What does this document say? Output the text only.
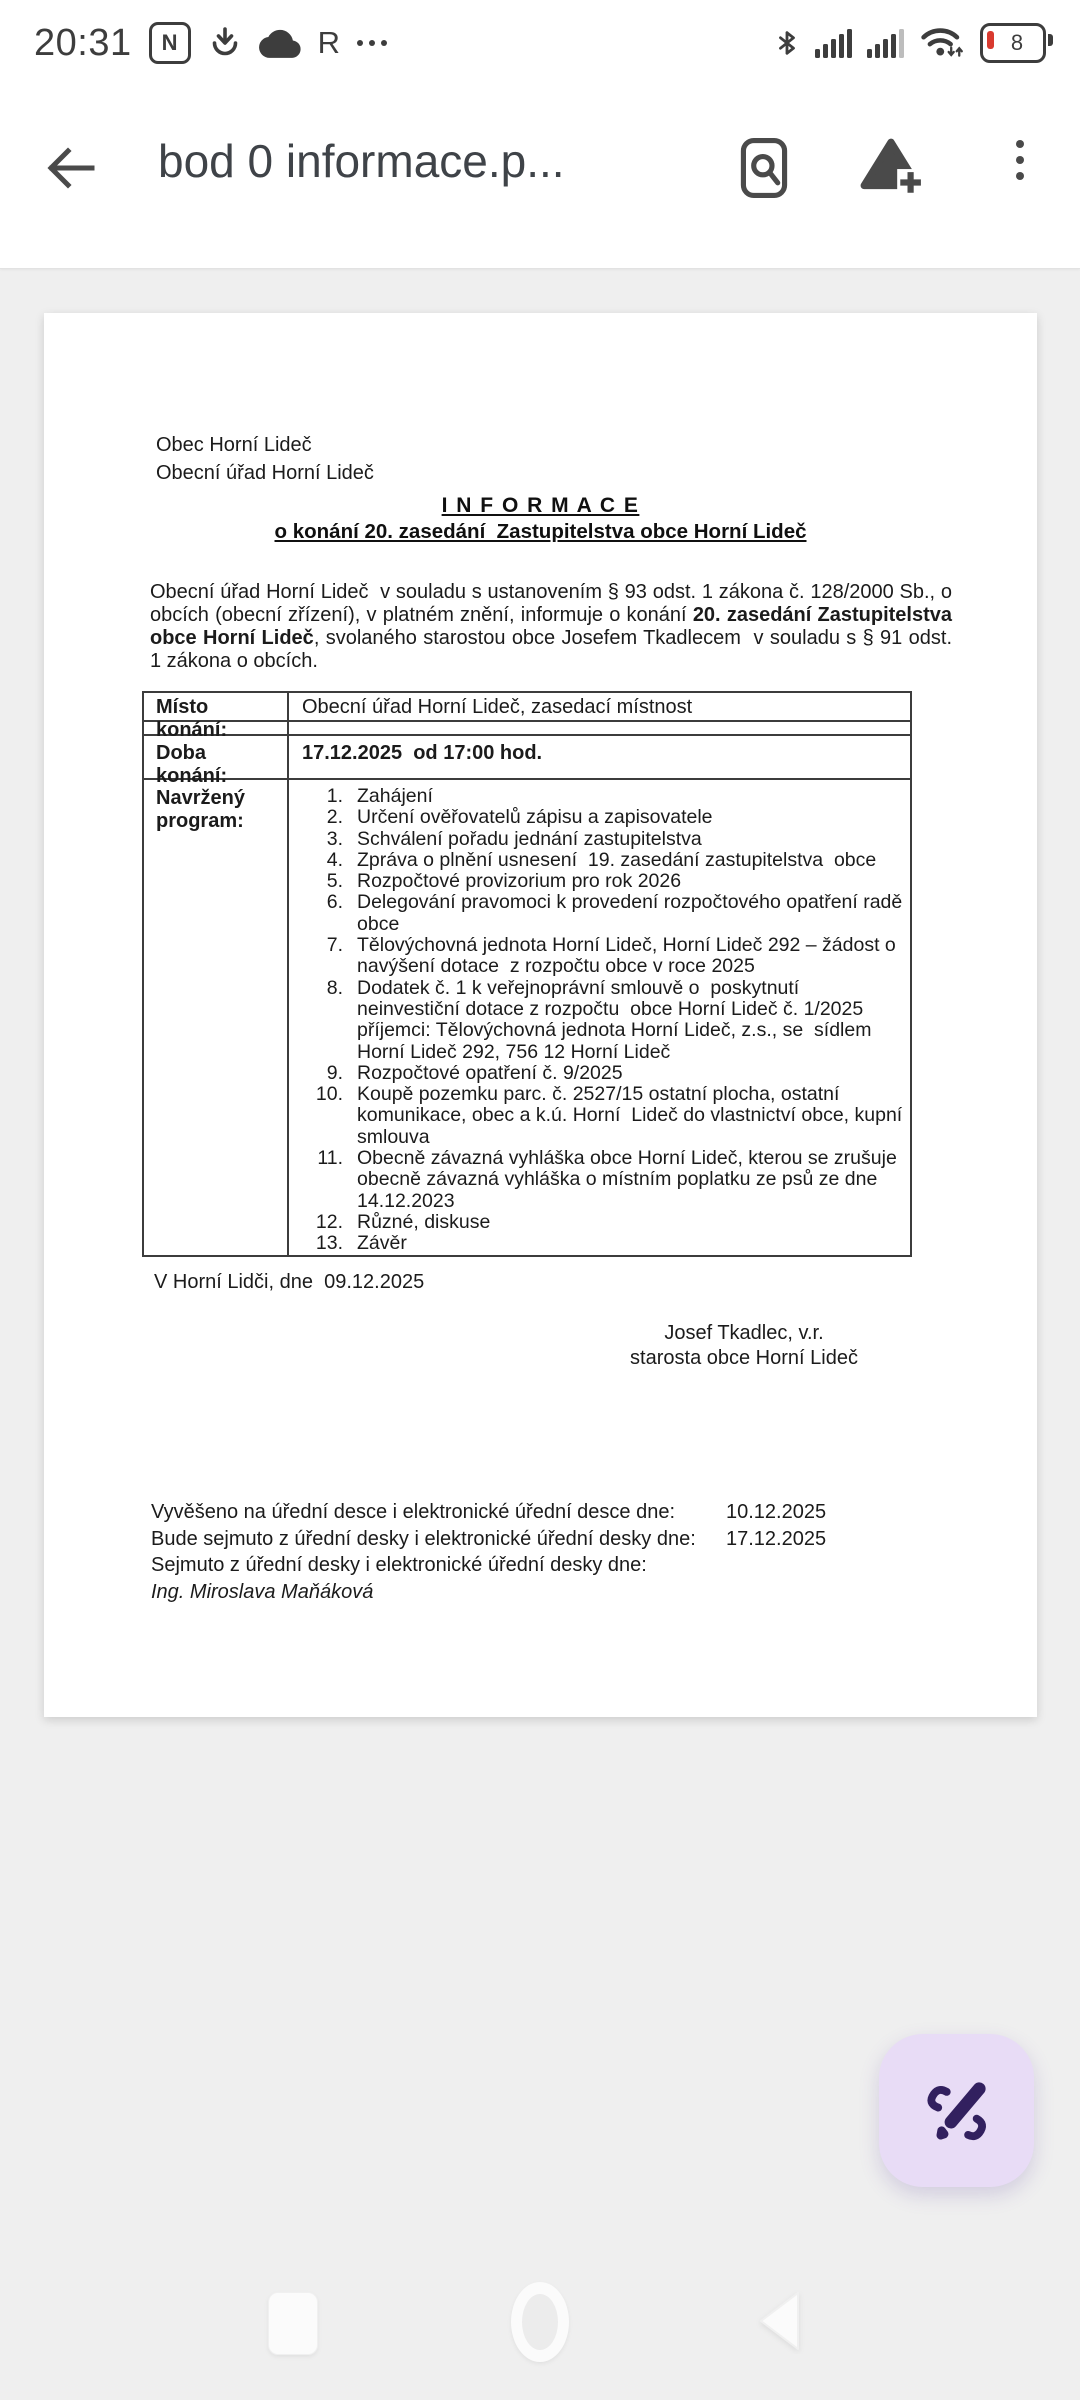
20:31	N	R	8
bod 0 informace.p...
Obec Horní Lideč
Obecní úřad Horní Lideč
I N F O R M A C E
o konání 20. zasedání  Zastupitelstva obce Horní Lideč
Obecní úřad Horní Lideč  v souladu s ustanovením § 93 odst. 1 zákona č. 128/2000 Sb., o obcích (obecní zřízení), v platném znění, informuje o konání 20. zasedání Zastupitelstva obce Horní Lideč, svolaného starostou obce Josefem Tkadlecem  v souladu s § 91 odst. 1 zákona o obcích.
Místo konání:
Obecní úřad Horní Lideč, zasedací místnost
Doba konání:
17.12.2025  od 17:00 hod.
Navržený program:
1. Zahájení
2. Určení ověřovatelů zápisu a zapisovatele
3. Schválení pořadu jednání zastupitelstva
4. Zpráva o plnění usnesení  19. zasedání zastupitelstva  obce
5. Rozpočtové provizorium pro rok 2026
6. Delegování pravomoci k provedení rozpočtového opatření radě obce
7. Tělovýchovná jednota Horní Lideč, Horní Lideč 292 – žádost o navýšení dotace  z rozpočtu obce v roce 2025
8. Dodatek č. 1 k veřejnoprávní smlouvě o  poskytnutí neinvestiční dotace z rozpočtu  obce Horní Lideč č. 1/2025  příjemci: Tělovýchovná jednota Horní Lideč, z.s., se  sídlem Horní Lideč 292, 756 12 Horní Lideč
9. Rozpočtové opatření č. 9/2025
10. Koupě pozemku parc. č. 2527/15 ostatní plocha, ostatní komunikace, obec a k.ú. Horní  Lideč do vlastnictví obce, kupní smlouva
11. Obecně závazná vyhláška obce Horní Lideč, kterou se zrušuje obecně závazná vyhláška o místním poplatku ze psů ze dne 14.12.2023
12. Různé, diskuse
13. Závěr
V Horní Lidči, dne  09.12.2025
Josef Tkadlec, v.r.
starosta obce Horní Lideč
Vyvěšeno na úřední desce i elektronické úřední desce dne:	10.12.2025
Bude sejmuto z úřední desky i elektronické úřední desky dne: 17.12.2025
Sejmuto z úřední desky i elektronické úřední desky dne:
Ing. Miroslava Maňáková
